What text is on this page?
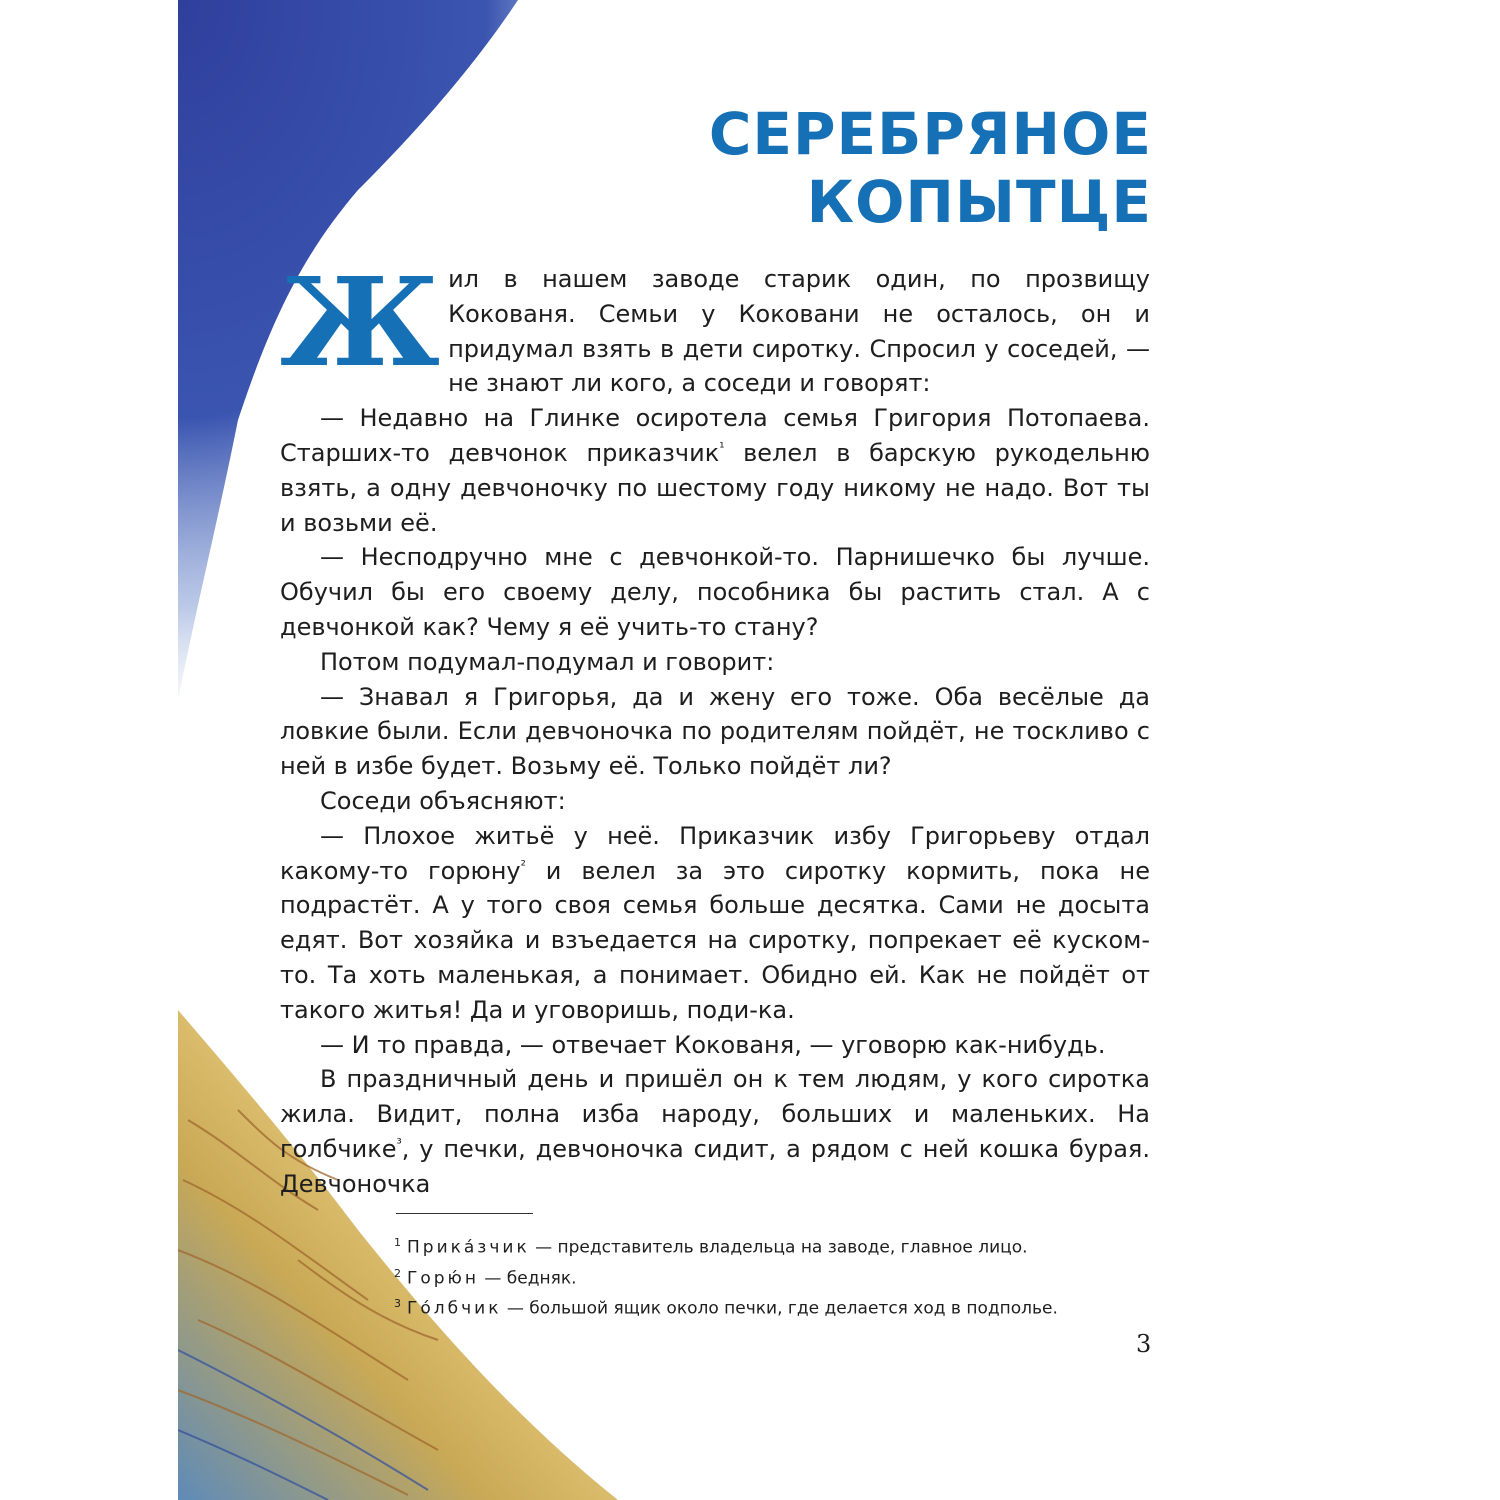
СЕРЕБРЯНОЕ
КОПЫТЦЕ

Жил в нашем заводе старик один, по прозвищу Кокованя. Семьи у Коковани не осталось, он и придумал взять в дети сиротку. Спросил у соседей, — не знают ли кого, а соседи и говорят:

— Недавно на Глинке осиротела семья Григория Потопаева. Старших-то девчонок приказчик$^{^1}$ велел в барскую рукодельню взять, а одну девчоночку по шестому году никому не надо. Вот ты и возьми её.

— Несподручно мне с девчонкой-то. Парнишечко бы лучше. Обучил бы его своему делу, пособника бы растить стал. А с девчонкой как? Чему я её учить-то стану?

Потом подумал-подумал и говорит:

— Знавал я Григорья, да и жену его тоже. Оба весёлые да ловкие были. Если девчоночка по родителям пойдёт, не тоскливо с ней в избе будет. Возьму её. Только пойдёт ли?

Соседи объясняют:

— Плохое житьё у неё. Приказчик избу Григорьеву отдал какому-то горюну$^{^2}$ и велел за это сиротку кормить, пока не подрастёт. А у того своя семья больше десятка. Сами не досыта едят. Вот хозяйка и взъедается на сиротку, попрекает её куском-то. Та хоть маленькая, а понимает. Обидно ей. Как не пойдёт от такого житья! Да и уговоришь, поди-ка.

— И то правда, — отвечает Кокованя, — уговорю как-нибудь.

В праздничный день и пришёл он к тем людям, у кого сиротка жила. Видит, полна изба народу, больших и маленьких. На голбчике$^{^3}$, у печки, девчоночка сидит, а рядом с ней кошка бурая. Девчоночка

$^1$ Прика́зчик — представитель владельца на заводе, главное лицо.
$^2$ Горю́н — бедняк.
$^3$ Го́лбчик — большой ящик около печки, где делается ход в подполье.
3
